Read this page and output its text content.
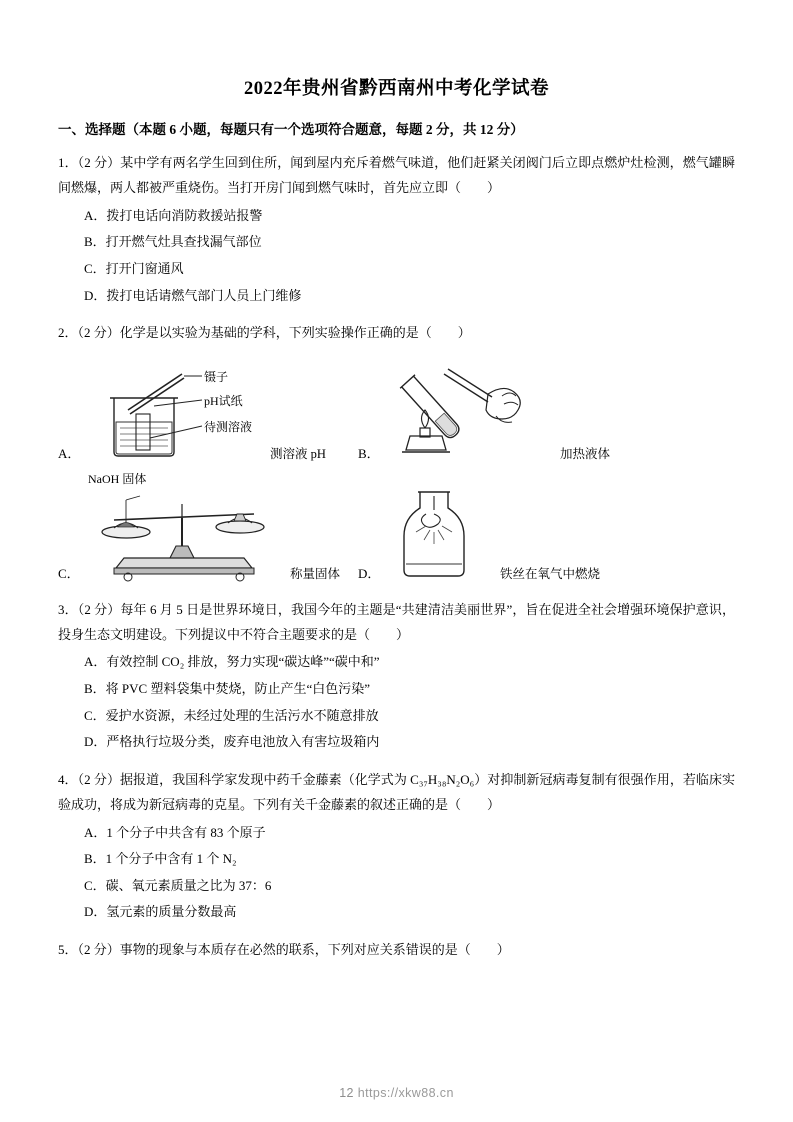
2022年贵州省黔西南州中考化学试卷
一、选择题（本题 6 小题，每题只有一个选项符合题意，每题 2 分，共 12 分）
1．（2 分）某中学有两名学生回到住所，闻到屋内充斥着燃气味道，他们赶紧关闭阀门后立即点燃炉灶检测，燃气罐瞬间燃爆，两人都被严重烧伤。当打开房门闻到燃气味时，首先应立即（　　）
A．拨打电话向消防救援站报警
B．打开燃气灶具查找漏气部位
C．打开门窗通风
D．拨打电话请燃气部门人员上门维修
2．（2 分）化学是以实验为基础的学科，下列实验操作正确的是（　　）
A．
镊子
pH试纸
待测溶液
测溶液 pH B．	加热液体
C．
NaOH 固体
称量固体 D．	铁丝在氧气中燃烧
3．（2 分）每年 6 月 5 日是世界环境日，我国今年的主题是“共建清洁美丽世界”，旨在促进全社会增强环境保护意识，投身生态文明建设。下列提议中不符合主题要求的是（　　）
A．有效控制 CO₂ 排放，努力实现“碳达峰”“碳中和”
B．将 PVC 塑料袋集中焚烧，防止产生“白色污染”
C．爱护水资源，未经过处理的生活污水不随意排放
D．严格执行垃圾分类，废弃电池放入有害垃圾箱内
4．（2 分）据报道，我国科学家发现中药千金藤素（化学式为 C₃₇H₃₈N₂O₆）对抑制新冠病毒复制有很强作用，若临床实验成功，将成为新冠病毒的克星。下列有关千金藤素的叙述正确的是（　　）
A．1 个分子中共含有 83 个原子
B．1 个分子中含有 1 个 N₂
C．碳、氧元素质量之比为 37：6
D．氢元素的质量分数最高
5．（2 分）事物的现象与本质存在必然的联系，下列对应关系错误的是（　　）
12 https://xkw88.cn
